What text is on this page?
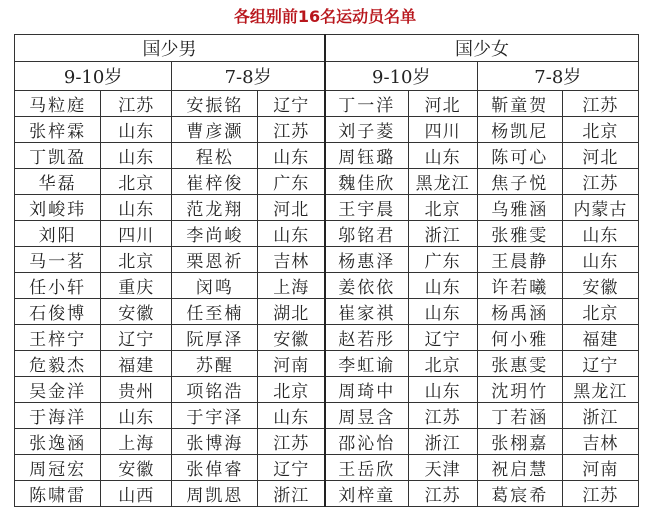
各组别前16名运动员名单
国少男				国少女			
9-10岁		7-8岁		9-10岁		7-8岁	
马粒庭	江苏	安振铭	辽宁	丁一洋	河北	靳童贺	江苏
张梓霖	山东	曹彦灏	江苏	刘子菱	四川	杨凯尼	北京
丁凯盈	山东	程松	山东	周钰璐	山东	陈可心	河北
华磊	北京	崔梓俊	广东	魏佳欣	黑龙江	焦子悦	江苏
刘峻玮	山东	范龙翔	河北	王宇晨	北京	乌雅涵	内蒙古
刘阳	四川	李尚峻	山东	邬铭君	浙江	张雅雯	山东
马一茗	北京	栗恩祈	吉林	杨惠泽	广东	王晨静	山东
任小轩	重庆	闵鸣	上海	姜依依	山东	许若曦	安徽
石俊博	安徽	任至楠	湖北	崔家祺	山东	杨禹涵	北京
王梓宁	辽宁	阮厚泽	安徽	赵若彤	辽宁	何小雅	福建
危毅杰	福建	苏醒	河南	李虹谕	北京	张惠雯	辽宁
吴金洋	贵州	项铭浩	北京	周琦中	山东	沈玥竹	黑龙江
于海洋	山东	于宇泽	山东	周昱含	江苏	丁若涵	浙江
张逸涵	上海	张博海	江苏	邵沁怡	浙江	张栩嘉	吉林
周冠宏	安徽	张倬睿	辽宁	王岳欣	天津	祝启慧	河南
陈啸雷	山西	周凯恩	浙江	刘梓童	江苏	葛宸希	江苏
